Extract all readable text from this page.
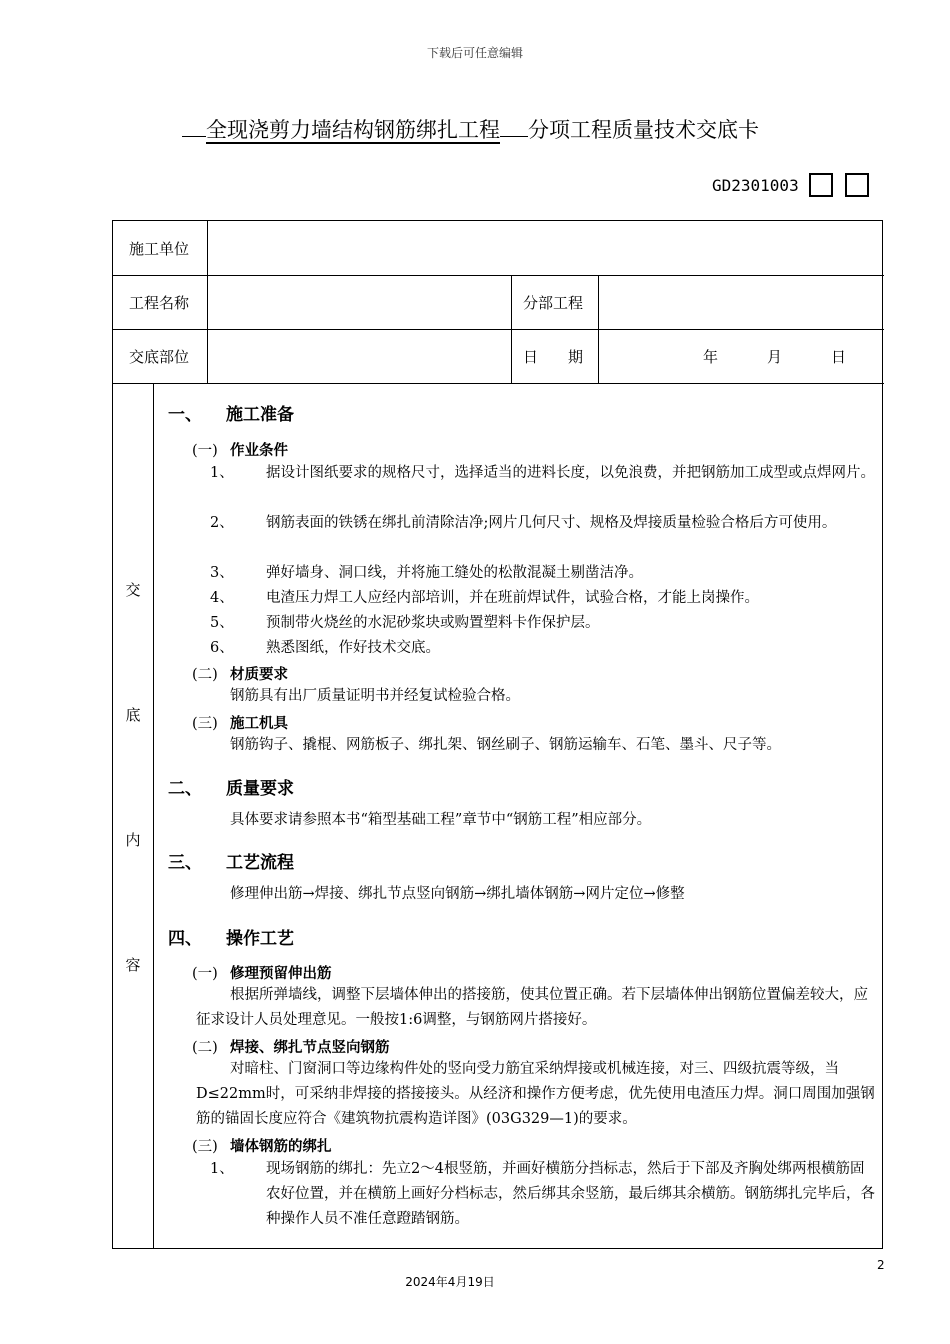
下载后可任意编辑
全现浇剪力墙结构钢筋绑扎工程 分项工程质量技术交底卡
GD2301003
施工单位
工程名称	分部工程
交底部位	日　　期	年	月	日
交
底
内
容
一、 施工准备
(一) 作业条件
1、	据设计图纸要求的规格尺寸，选择适当的进料长度，以免浪费，并把钢筋加工成型或点焊网片。
2、	钢筋表面的铁锈在绑扎前清除洁净;网片几何尺寸、规格及焊接质量检验合格后方可使用。
3、 弹好墙身、洞口线，并将施工缝处的松散混凝土剔凿洁净。
4、 电渣压力焊工人应经内部培训，并在班前焊试件，试验合格，才能上岗操作。
5、 预制带火烧丝的水泥砂浆块或购置塑料卡作保护层。
6、 熟悉图纸，作好技术交底。
(二) 材质要求
钢筋具有出厂质量证明书并经复试检验合格。
(三) 施工机具
钢筋钩子、撬棍、网筋板子、绑扎架、钢丝刷子、钢筋运输车、石笔、墨斗、尺子等。
二、 质量要求
具体要求请参照本书“箱型基础工程”章节中“钢筋工程”相应部分。
三、 工艺流程
修理伸出筋→焊接、绑扎节点竖向钢筋→绑扎墙体钢筋→网片定位→修整
四、 操作工艺
(一) 修理预留伸出筋
根据所弹墙线，调整下层墙体伸出的搭接筋，使其位置正确。若下层墙体伸出钢筋位置偏差较大，应征求设计人员处理意见。一般按1:6调整，与钢筋网片搭接好。
(二) 焊接、绑扎节点竖向钢筋
对暗柱、门窗洞口等边缘构件处的竖向受力筋宜采纳焊接或机械连接，对三、四级抗震等级，当D≤22mm时，可采纳非焊接的搭接接头。从经济和操作方便考虑，优先使用电渣压力焊。洞口周围加强钢筋的锚固长度应符合《建筑物抗震构造详图》(03G329—1)的要求。
(三) 墙体钢筋的绑扎
1、	现场钢筋的绑扎：先立2～4根竖筋，并画好横筋分挡标志，然后于下部及齐胸处绑两根横筋固农好位置，并在横筋上画好分档标志，然后绑其余竖筋，最后绑其余横筋。钢筋绑扎完毕后，各种操作人员不准任意蹬踏钢筋。
2
2024年4月19日
